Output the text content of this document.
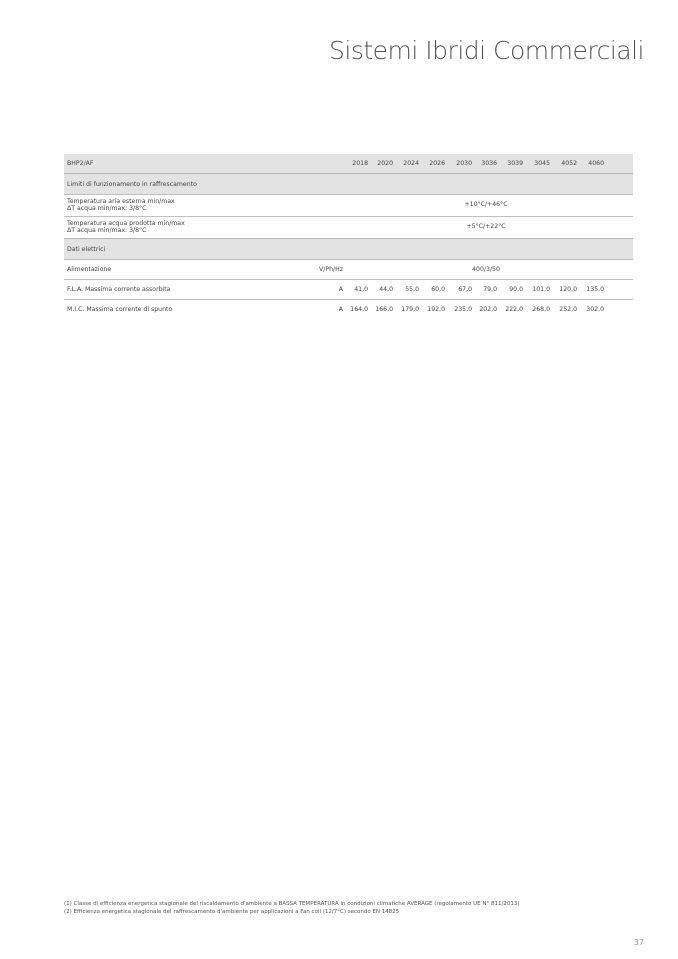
Sistemi Ibridi Commerciali
BHP2/AF		2018	2020	2024	2026	2030	3036	3039	3045	4052	4060	
Limiti di funzionamento in raffrescamento												

Temperatura aria esterna min/max
ΔT acqua min/max: 3/8°C						+10°C/+46°C						

Temperatura acqua prodotta min/max
ΔT acqua min/max: 3/8°C						+5°C/+22°C						
Dati elettrici												
Alimentazione	V/Ph/Hz					400/3/50						
F.L.A. Massima corrente assorbita	A	41,0	44,0	55,0	60,0	67,0	79,0	90,0	101,0	120,0	135,0	
M.I.C. Massima corrente di spunto	A	164,0	166,0	179,0	192,0	235,0	202,0	222,0	268,0	252,0	302,0	
(1) Classe di efficienza energetica stagionale del riscaldamento d'ambiente a BASSA TEMPERATURA in condizioni climatiche AVERAGE (regolamento UE N° 811/2013)
(2) Efficienza energetica stagionale del raffrescamento d'ambiente per applicazioni a Fan coil (12/7°C) secondo EN 14825
37
